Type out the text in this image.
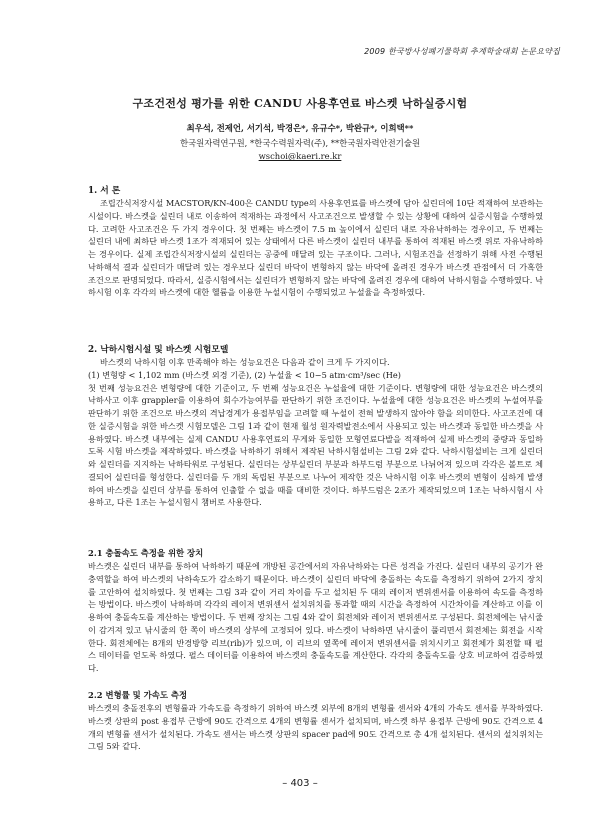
2009 한국방사성폐기물학회 추계학술대회 논문요약집
구조건전성 평가를 위한 CANDU 사용후연료 바스켓 낙하실증시험
최우석, 전제언, 서기석, 박경은*, 유규수*, 박완규*, 이희택**
한국원자력연구원, *한국수력원자력(주), **한국원자력안전기술원
wschoi@kaeri.re.kr
1. 서 론

조립간식저장시설 MACSTOR/KN-400은 CANDU type의 사용후연료를 바스켓에 담아 실린더에 10단 적재하여 보관하는 시설이다. 바스켓을 실린더 내로 이송하여 적재하는 과정에서 사고조건으로 발생할 수 있는 상황에 대하여 실증시험을 수행하였다. 고려한 사고조건은 두 가지 경우이다. 첫 번째는 바스켓이 7.5 m 높이에서 실린더 내로 자유낙하하는 경우이고, 두 번째는 실린더 내에 최하단 바스켓 1조가 적재되어 있는 상태에서 다른 바스켓이 실린더 내부를 통하여 적재된 바스켓 위로 자유낙하하는 경우이다. 실제 조립간식저장시설의 실린더는 공중에 매달려 있는 구조이다. 그러나, 시험조건을 선정하기 위해 사전 수행된 낙하해석 결과 실린더가 매달려 있는 경우보다 실린더 바닥이 변형하지 않는 바닥에 올려진 경우가 바스켓 관점에서 더 가혹한 조건으로 판명되었다. 따라서, 실증시험에서는 실린더가 변형하지 않는 바닥에 올려진 경우에 대하여 낙하시험을 수행하였다. 낙하시험 이후 각각의 바스켓에 대한 헬륨을 이용한 누설시험이 수행되었고 누설율을 측정하였다.

2. 낙하시험시설 및 바스켓 시험모델

바스켓의 낙하시험 이후 만족해야 하는 성능요건은 다음과 같이 크게 두 가지이다.

(1) 변형량 < 1,102 mm (바스켓 외경 기준), (2) 누설율 < 10−5 atm·cm³/sec (He)

첫 번째 성능요건은 변형량에 대한 기준이고, 두 번째 성능요건은 누설율에 대한 기준이다. 변형량에 대한 성능요건은 바스켓의 낙하사고 이후 grappler를 이용하여 회수가능여부를 판단하기 위한 조건이다. 누설율에 대한 성능요건은 바스켓의 누설여부를 판단하기 위한 조건으로 바스켓의 격납경계가 용접부임을 고려할 때 누설이 전혀 발생하지 않아야 함을 의미한다. 사고조건에 대한 실증시험을 위한 바스켓 시험모델은 그림 1과 같이 현재 월성 원자력발전소에서 사용되고 있는 바스켓과 동일한 바스켓을 사용하였다. 바스켓 내부에는 실제 CANDU 사용후연료의 무게와 동일한 모형연료다발을 적재하여 실제 바스켓의 중량과 동일하도록 시험 바스켓을 제작하였다. 바스켓을 낙하하기 위해서 제작된 낙하시험설비는 그림 2와 같다. 낙하시험설비는 크게 실린더와 실린더를 지지하는 낙하타워로 구성된다. 실린더는 상부실린더 부분과 하부드럼 부분으로 나뉘어져 있으며 각각은 볼트로 체결되어 실린더를 형성한다. 실린더를 두 개의 독립된 부분으로 나누어 제작한 것은 낙하시험 이후 바스켓의 변형이 심하게 발생하여 바스켓을 실린더 상부를 통하여 인출할 수 없을 때를 대비한 것이다. 하부드럼은 2조가 제작되었으며 1조는 낙하시험시 사용하고, 다른 1조는 누설시험시 챔버로 사용한다.

2.1 충돌속도 측정을 위한 장치

바스켓은 실린더 내부를 통하여 낙하하기 때문에 개방된 공간에서의 자유낙하와는 다른 성격을 가진다. 실린더 내부의 공기가 완충역할을 하여 바스켓의 낙하속도가 감소하기 때문이다. 바스켓이 실린더 바닥에 충돌하는 속도를 측정하기 위하여 2가지 장치를 고안하여 설치하였다. 첫 번째는 그림 3과 같이 거리 차이를 두고 설치된 두 대의 레이저 변위센서를 이용하여 속도를 측정하는 방법이다. 바스켓이 낙하하며 각각의 레이저 변위센서 설치위치를 통과할 때의 시간을 측정하여 시간차이를 계산하고 이를 이용하여 충돌속도를 계산하는 방법이다. 두 번째 장치는 그림 4와 같이 회전체와 레이저 변위센서로 구성된다. 회전체에는 낚시줄이 감겨져 있고 낚시줄의 한 쪽이 바스켓의 상부에 고정되어 있다. 바스켓이 낙하하면 낚시줄이 풀리면서 회전체는 회전을 시작한다. 회전체에는 8개의 반경방향 리브(rib)가 있으며, 이 리브의 옆쪽에 레이저 변위센서를 위치시키고 회전체가 회전할 때 펄스 데이터를 얻도록 하였다. 펄스 데이터를 이용하여 바스켓의 충돌속도를 계산한다. 각각의 충돌속도를 상호 비교하여 검증하였다.

2.2 변형률 및 가속도 측정

바스켓의 충돌전후의 변형률과 가속도를 측정하기 위하여 바스켓 외부에 8개의 변형률 센서와 4개의 가속도 센서를 부착하였다. 바스켓 상판의 post 용접부 근방에 90도 간격으로 4개의 변형률 센서가 설치되며, 바스켓 하부 용접부 근방에 90도 간격으로 4개의 변형률 센서가 설치된다. 가속도 센서는 바스켓 상판의 spacer pad에 90도 간격으로 총 4개 설치된다. 센서의 설치위치는 그림 5와 같다.

– 403 –
